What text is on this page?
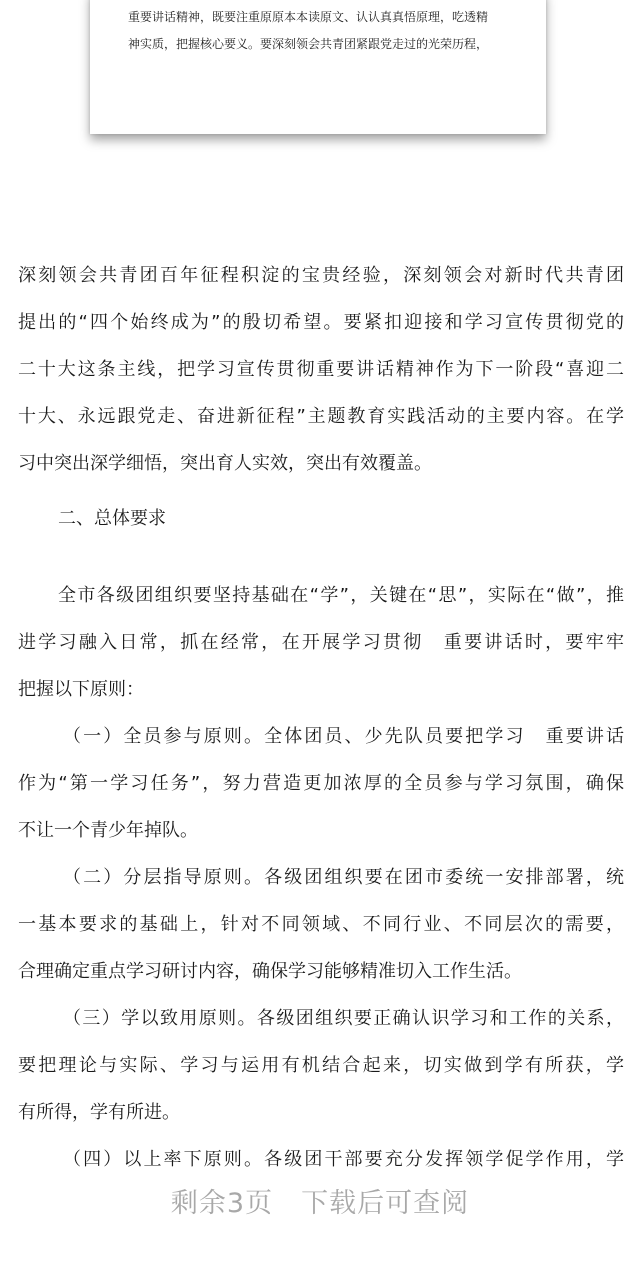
重要讲话精神，既要注重原原本本读原文、认认真真悟原理，吃透精
神实质，把握核心要义。要深刻领会共青团紧跟党走过的光荣历程，
深刻领会共青团百年征程积淀的宝贵经验，深刻领会对新时代共青团
提出的“四个始终成为”的殷切希望。要紧扣迎接和学习宣传贯彻党的
二十大这条主线，把学习宣传贯彻重要讲话精神作为下一阶段“喜迎二
十大、永远跟党走、奋进新征程”主题教育实践活动的主要内容。在学
习中突出深学细悟，突出育人实效，突出有效覆盖。
二、总体要求
全市各级团组织要坚持基础在“学”，关键在“思”，实际在“做”，推
进学习融入日常，抓在经常，在开展学习贯彻　重要讲话时，要牢牢
把握以下原则：
（一）全员参与原则。全体团员、少先队员要把学习　重要讲话
作为“第一学习任务”，努力营造更加浓厚的全员参与学习氛围，确保
不让一个青少年掉队。
（二）分层指导原则。各级团组织要在团市委统一安排部署，统
一基本要求的基础上，针对不同领域、不同行业、不同层次的需要，
合理确定重点学习研讨内容，确保学习能够精准切入工作生活。
（三）学以致用原则。各级团组织要正确认识学习和工作的关系，
要把理论与实际、学习与运用有机结合起来，切实做到学有所获，学
有所得，学有所进。
（四）以上率下原则。各级团干部要充分发挥领学促学作用，学
剩余3页　下载后可查阅
